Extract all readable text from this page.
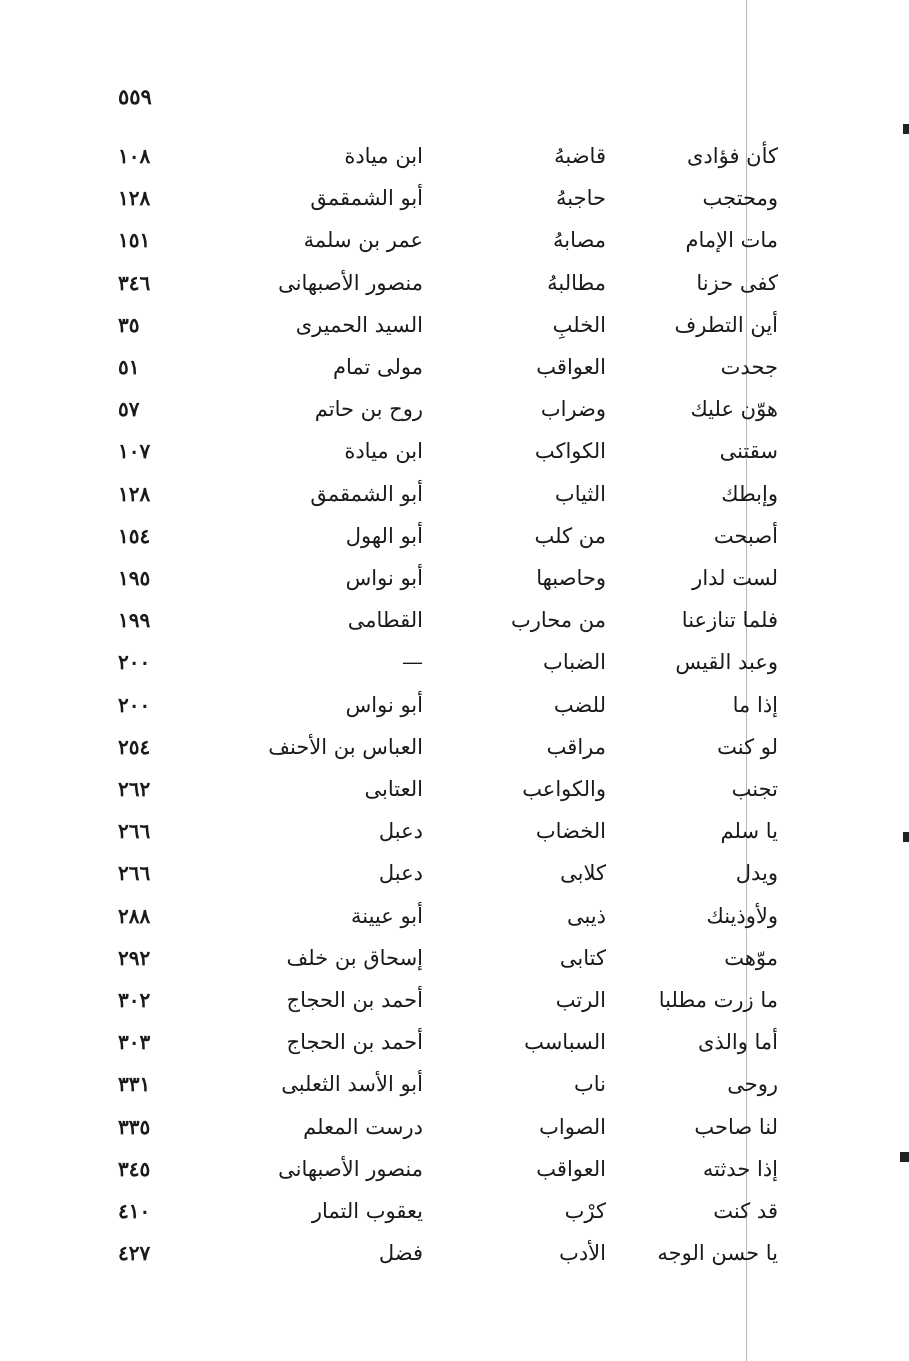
٥٥٩
كأن فؤادى
قاضبهُ
ابن ميادة
١٠٨
ومحتجب
حاجبهُ
أبو الشمقمق
١٢٨
مات الإمام
مصابهُ
عمر بن سلمة
١٥١
كفى حزنا
مطالبهُ
منصور الأصبهانى
٣٤٦
أين التطرف
الخلبِ
السيد الحميرى
٣٥
جحدت
العواقب
مولى تمام
٥١
هوّن عليك
وضراب
روح بن حاتم
٥٧
سقتنى
الكواكب
ابن ميادة
١٠٧
وإبطك
الثياب
أبو الشمقمق
١٢٨
أصبحت
من كلب
أبو الهول
١٥٤
لست لدار
وحاصبها
أبو نواس
١٩٥
فلما تنازعنا
من محارب
القطامى
١٩٩
وعبد القيس
الضباب
—
٢٠٠
إذا ما
للضب
أبو نواس
٢٠٠
لو كنت
مراقب
العباس بن الأحنف
٢٥٤
تجنب
والكواعب
العتابى
٢٦٢
يا سلم
الخضاب
دعبل
٢٦٦
ويدل
كلابى
دعبل
٢٦٦
ولأوذينك
ذيبى
أبو عيينة
٢٨٨
موّهت
كتابى
إسحاق بن خلف
٢٩٢
ما زرت مطلبا
الرتب
أحمد بن الحجاج
٣٠٢
أما والذى
السباسب
أحمد بن الحجاج
٣٠٣
روحى
ناب
أبو الأسد الثعلبى
٣٣١
لنا صاحب
الصواب
درست المعلم
٣٣٥
إذا حدثته
العواقب
منصور الأصبهانى
٣٤٥
قد كنت
كرْب
يعقوب التمار
٤١٠
يا حسن الوجه
الأدب
فضل
٤٢٧
